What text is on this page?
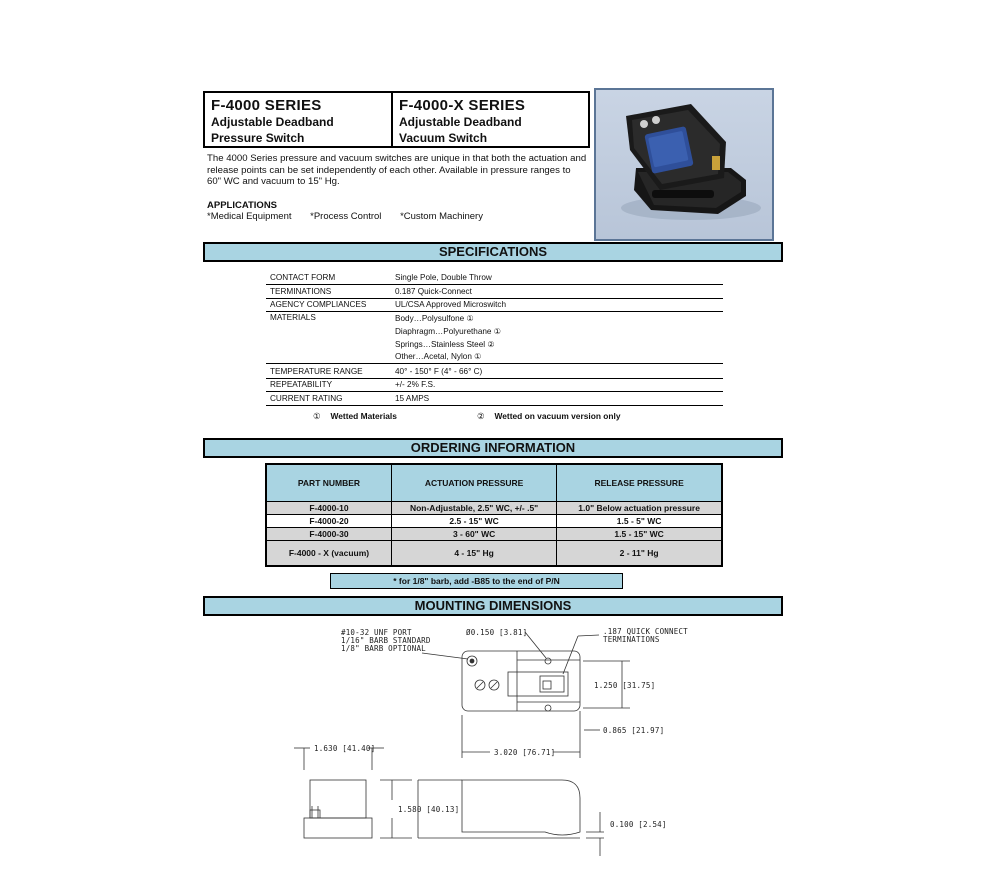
F-4000 SERIES
Adjustable Deadband
Pressure Switch
F-4000-X SERIES
Adjustable Deadband
Vacuum Switch
The 4000 Series pressure and vacuum switches are unique in that both the actuation and release points can be set independently of each other. Available in pressure ranges to 60" WC and vacuum to 15" Hg.
APPLICATIONS
*Medical Equipment *Process Control *Custom Machinery
SPECIFICATIONS
CONTACT FORM	Single Pole, Double Throw
TERMINATIONS	0.187 Quick-Connect
AGENCY COMPLIANCES	UL/CSA Approved Microswitch
MATERIALS	Body…Polysulfone ①
Diaphragm…Polyurethane ①
Springs…Stainless Steel ②
Other…Acetal, Nylon ①
TEMPERATURE RANGE	40° - 150° F (4° - 66° C)
REPEATABILITY	+/- 2% F.S.
CURRENT RATING	15 AMPS
① Wetted Materials	② Wetted on vacuum version only
ORDERING INFORMATION
PART NUMBER	ACTUATION PRESSURE	RELEASE PRESSURE
F-4000-10	Non-Adjustable, 2.5" WC, +/- .5"	1.0" Below actuation pressure
F-4000-20	2.5 - 15" WC	1.5 - 5" WC
F-4000-30	3 - 60" WC	1.5 - 15" WC
F-4000 - X (vacuum)	4 - 15" Hg	2 - 11" Hg
* for 1/8" barb, add -B85 to the end of P/N
MOUNTING DIMENSIONS
#10-32 UNF PORT
1/16" BARB STANDARD
1/8" BARB OPTIONAL
Ø0.150 [3.81]	.187 QUICK CONNECT
TERMINATIONS
1.250 [31.75]
0.865 [21.97]
3.020 [76.71]
1.630 [41.40]
1.580 [40.13]
0.100 [2.54]
